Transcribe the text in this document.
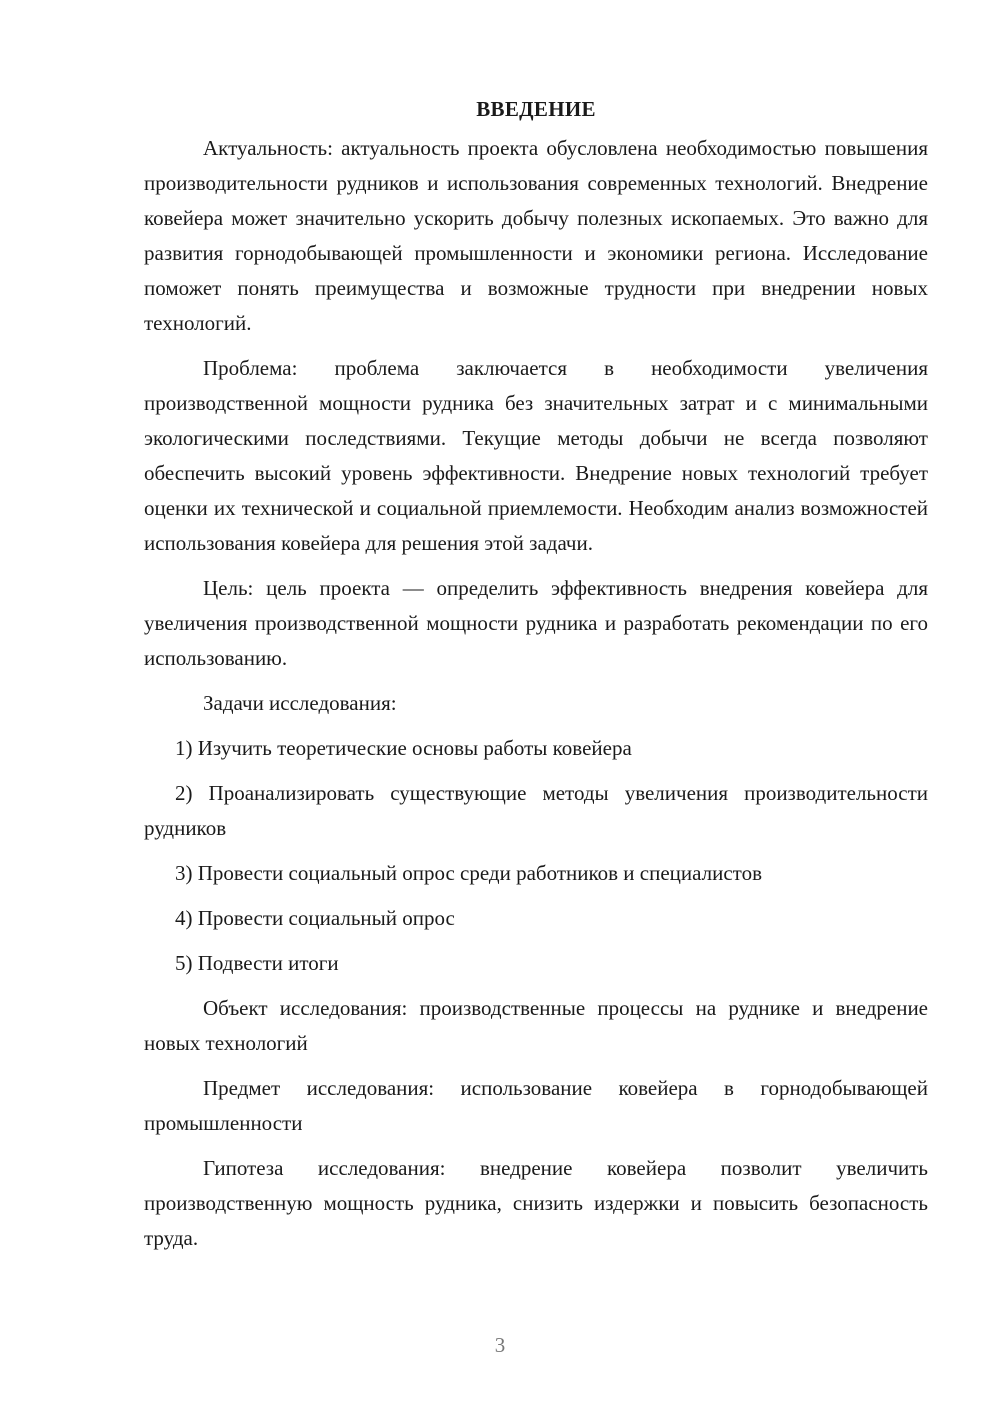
ВВЕДЕНИЕ

Актуальность: актуальность проекта обусловлена необходимостью повышения производительности рудников и использования современных технологий. Внедрение ковейера может значительно ускорить добычу полезных ископаемых. Это важно для развития горнодобывающей промышленности и экономики региона. Исследование поможет понять преимущества и возможные трудности при внедрении новых технологий.

Проблема: проблема заключается в необходимости увеличения производственной мощности рудника без значительных затрат и с минимальными экологическими последствиями. Текущие методы добычи не всегда позволяют обеспечить высокий уровень эффективности. Внедрение новых технологий требует оценки их технической и социальной приемлемости. Необходим анализ возможностей использования ковейера для решения этой задачи.

Цель: цель проекта — определить эффективность внедрения ковейера для увеличения производственной мощности рудника и разработать рекомендации по его использованию.

Задачи исследования:

1) Изучить теоретические основы работы ковейера

2) Проанализировать существующие методы увеличения производительности рудников

3) Провести социальный опрос среди работников и специалистов

4) Провести социальный опрос

5) Подвести итоги

Объект исследования: производственные процессы на руднике и внедрение новых технологий

Предмет исследования: использование ковейера в горнодобывающей промышленности

Гипотеза исследования: внедрение ковейера позволит увеличить производственную мощность рудника, снизить издержки и повысить безопасность труда.

3
